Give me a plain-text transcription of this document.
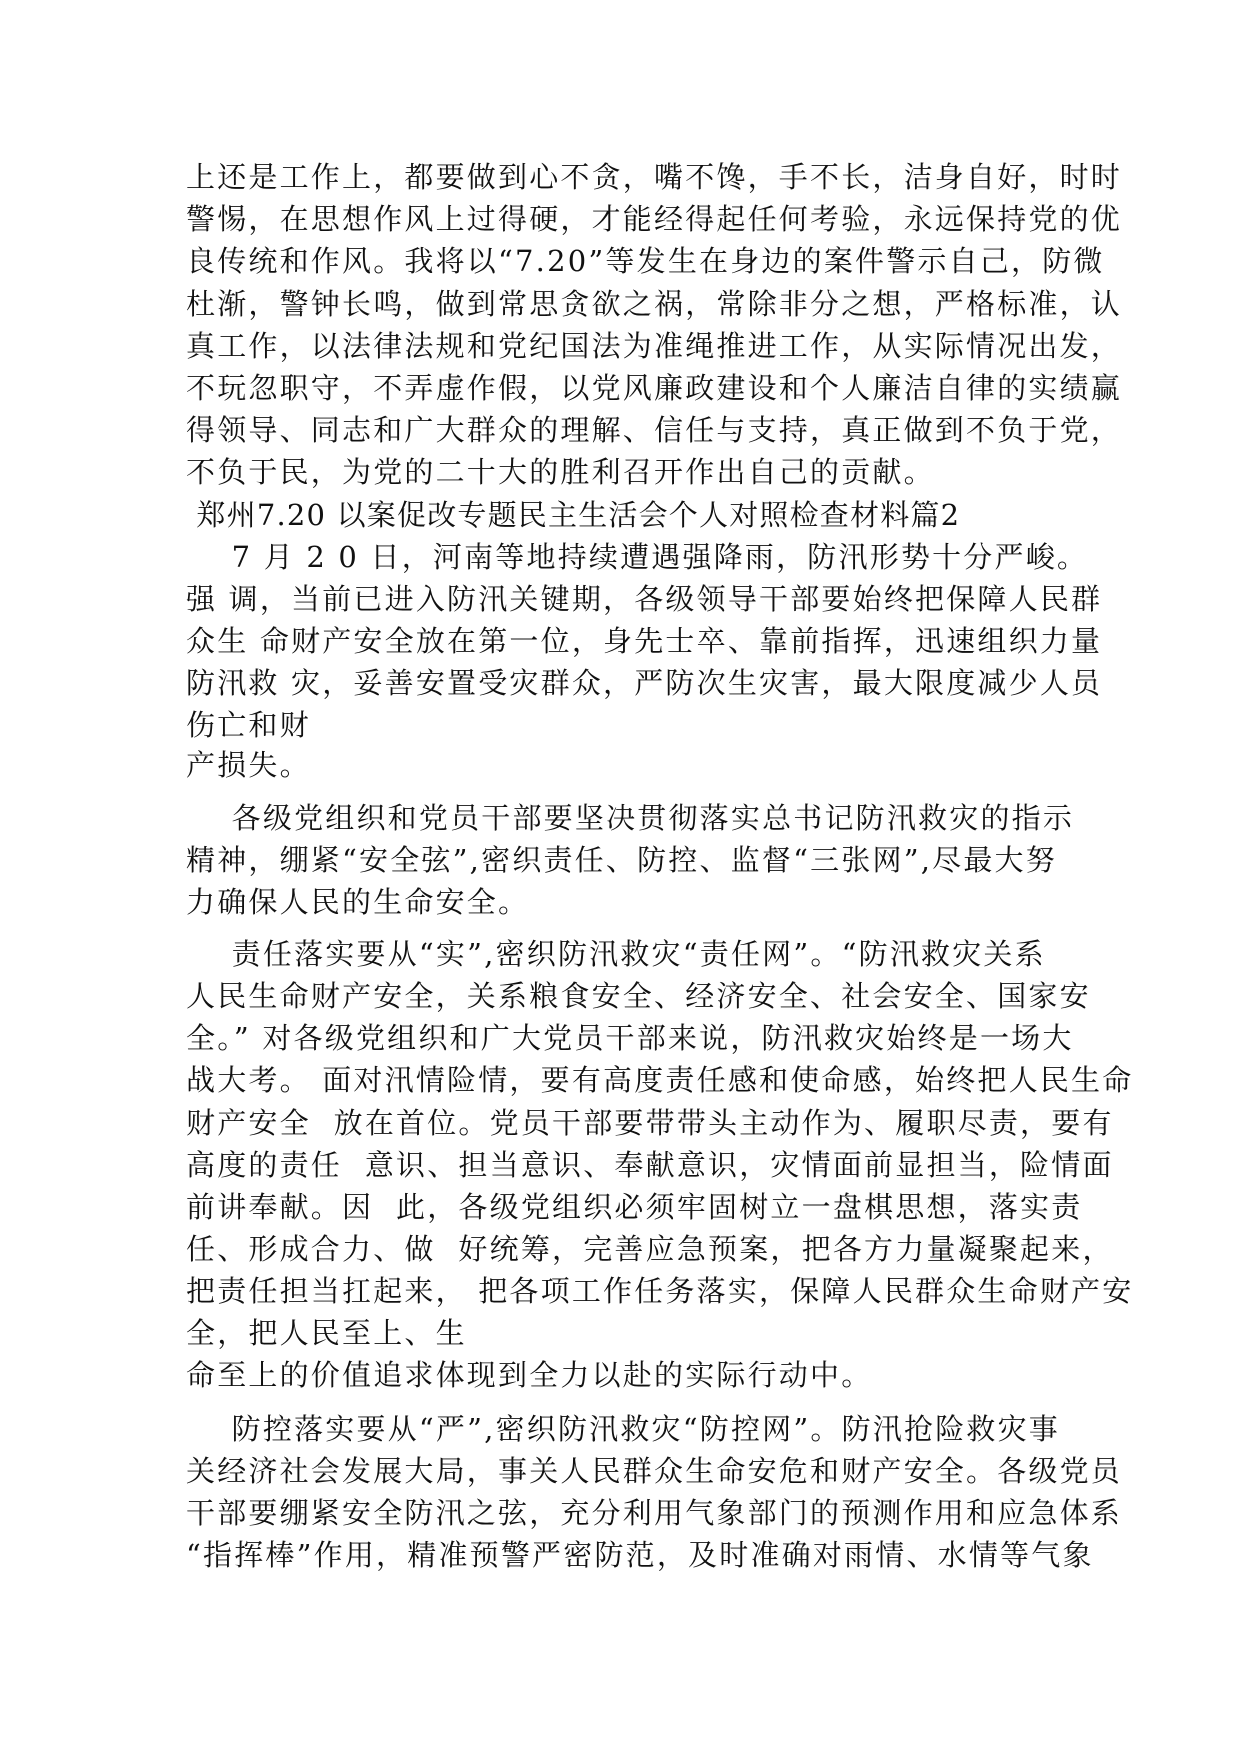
上还是工作上，都要做到心不贪，嘴不馋，手不长，洁身自好，时时

警惕，在思想作风上过得硬，才能经得起任何考验，永远保持党的优

良传统和作风。我将以“7.20”等发生在身边的案件警示自己，防微

杜渐，警钟长鸣，做到常思贪欲之祸，常除非分之想，严格标准，认

真工作，以法律法规和党纪国法为准绳推进工作，从实际情况出发，

不玩忽职守，不弄虚作假，以党风廉政建设和个人廉洁自律的实绩赢

得领导、同志和广大群众的理解、信任与支持，真正做到不负于党，

不负于民，为党的二十大的胜利召开作出自己的贡献。

郑州7.20 以案促改专题民主生活会个人对照检查材料篇2

7 月 2 0 日，河南等地持续遭遇强降雨，防汛形势十分严峻。

强 调，当前已进入防汛关键期，各级领导干部要始终把保障人民群

众生 命财产安全放在第一位，身先士卒、靠前指挥，迅速组织力量

防汛救 灾，妥善安置受灾群众，严防次生灾害，最大限度减少人员

伤亡和财

产损失。

各级党组织和党员干部要坚决贯彻落实总书记防汛救灾的指示

精神，绷紧“安全弦”,密织责任、防控、监督“三张网”,尽最大努

力确保人民的生命安全。

责任落实要从“实”,密织防汛救灾“责任网”。“防汛救灾关系

人民生命财产安全，关系粮食安全、经济安全、社会安全、国家安

全。” 对各级党组织和广大党员干部来说，防汛救灾始终是一场大

战大考。 面对汛情险情，要有高度责任感和使命感，始终把人民生命

财产安全  放在首位。党员干部要带带头主动作为、履职尽责，要有

高度的责任  意识、担当意识、奉献意识，灾情面前显担当，险情面

前讲奉献。因  此，各级党组织必须牢固树立一盘棋思想，落实责

任、形成合力、做  好统筹，完善应急预案，把各方力量凝聚起来，

把责任担当扛起来， 把各项工作任务落实，保障人民群众生命财产安

全，把人民至上、生

命至上的价值追求体现到全力以赴的实际行动中。

防控落实要从“严”,密织防汛救灾“防控网”。防汛抢险救灾事

关经济社会发展大局，事关人民群众生命安危和财产安全。各级党员

干部要绷紧安全防汛之弦，充分利用气象部门的预测作用和应急体系

“指挥棒”作用，精准预警严密防范，及时准确对雨情、水情等气象
